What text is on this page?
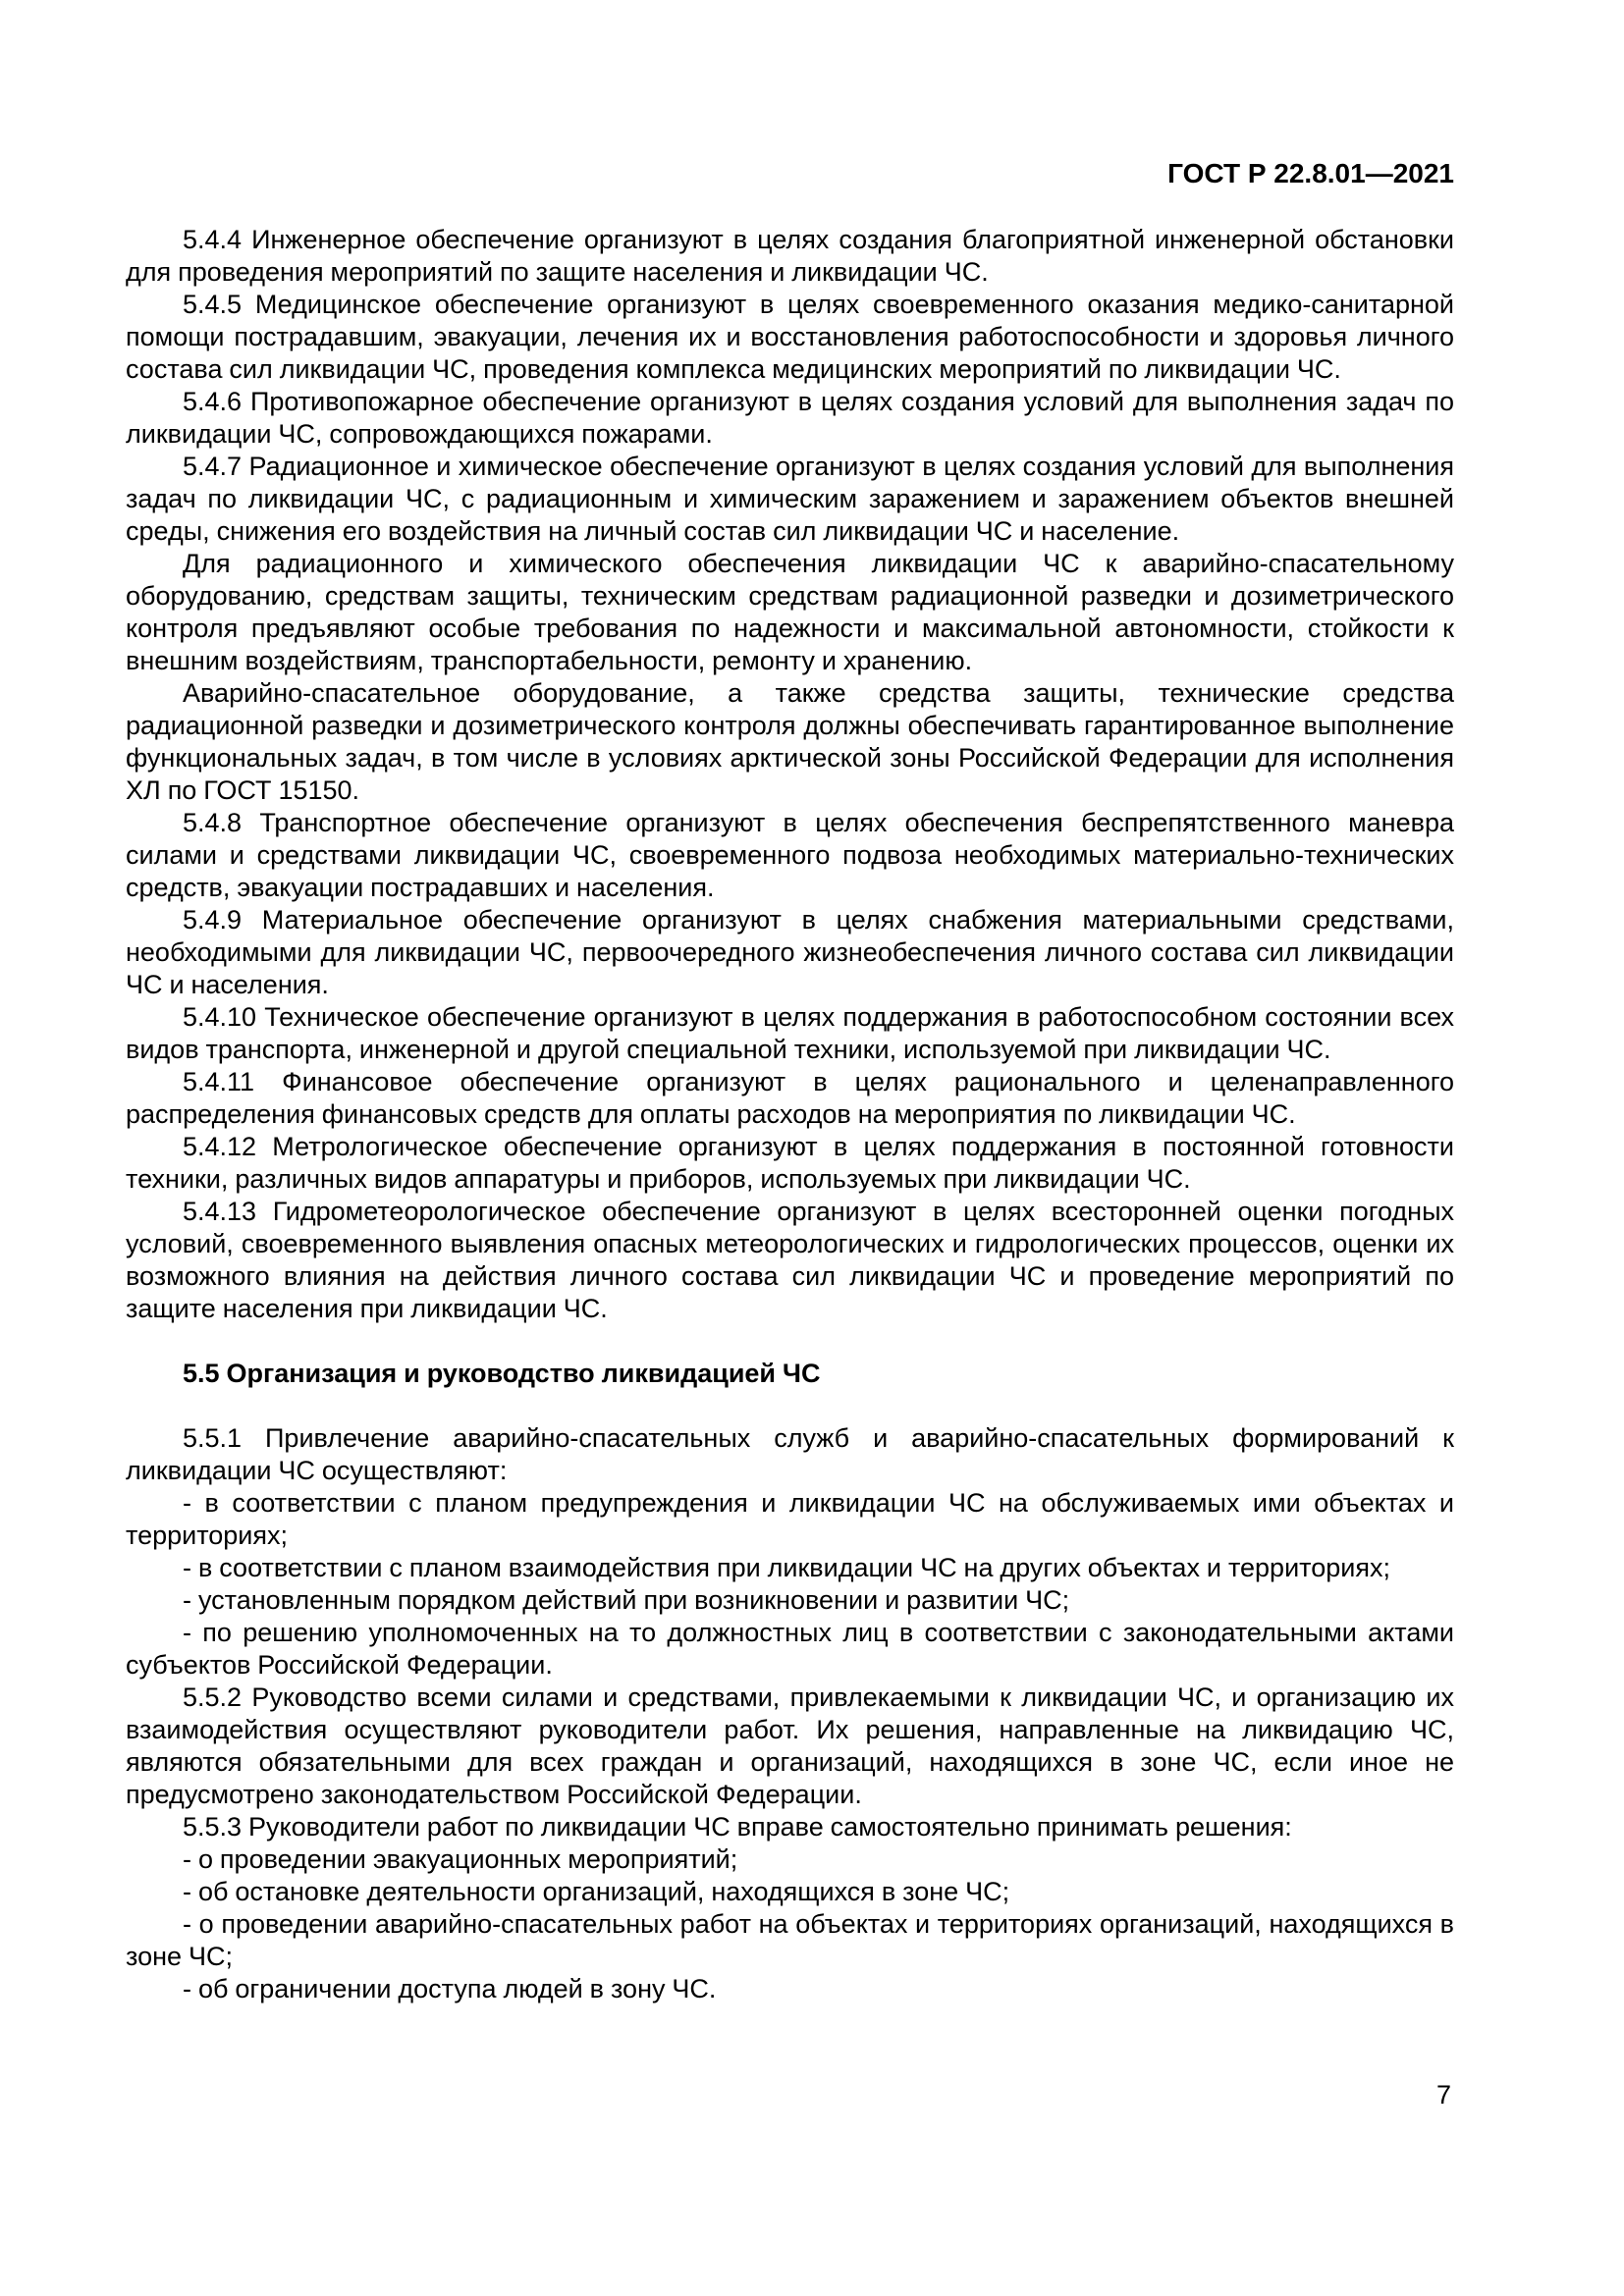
ГОСТ Р 22.8.01—2021

5.4.4 Инженерное обеспечение организуют в целях создания благоприятной инженерной обстановки для проведения мероприятий по защите населения и ликвидации ЧС.

5.4.5 Медицинское обеспечение организуют в целях своевременного оказания медико-санитарной помощи пострадавшим, эвакуации, лечения их и восстановления работоспособности и здоровья личного состава сил ликвидации ЧС, проведения комплекса медицинских мероприятий по ликвидации ЧС.

5.4.6 Противопожарное обеспечение организуют в целях создания условий для выполнения задач по ликвидации ЧС, сопровождающихся пожарами.

5.4.7 Радиационное и химическое обеспечение организуют в целях создания условий для выполнения задач по ликвидации ЧС, с радиационным и химическим заражением и заражением объектов внешней среды, снижения его воздействия на личный состав сил ликвидации ЧС и население.

Для радиационного и химического обеспечения ликвидации ЧС к аварийно-спасательному оборудованию, средствам защиты, техническим средствам радиационной разведки и дозиметрического контроля предъявляют особые требования по надежности и максимальной автономности, стойкости к внешним воздействиям, транспортабельности, ремонту и хранению.

Аварийно-спасательное оборудование, а также средства защиты, технические средства радиационной разведки и дозиметрического контроля должны обеспечивать гарантированное выполнение функциональных задач, в том числе в условиях арктической зоны Российской Федерации для исполнения ХЛ по ГОСТ 15150.

5.4.8 Транспортное обеспечение организуют в целях обеспечения беспрепятственного маневра силами и средствами ликвидации ЧС, своевременного подвоза необходимых материально-технических средств, эвакуации пострадавших и населения.

5.4.9 Материальное обеспечение организуют в целях снабжения материальными средствами, необходимыми для ликвидации ЧС, первоочередного жизнеобеспечения личного состава сил ликвидации ЧС и населения.

5.4.10 Техническое обеспечение организуют в целях поддержания в работоспособном состоянии всех видов транспорта, инженерной и другой специальной техники, используемой при ликвидации ЧС.

5.4.11 Финансовое обеспечение организуют в целях рационального и целенаправленного распределения финансовых средств для оплаты расходов на мероприятия по ликвидации ЧС.

5.4.12 Метрологическое обеспечение организуют в целях поддержания в постоянной готовности техники, различных видов аппаратуры и приборов, используемых при ликвидации ЧС.

5.4.13 Гидрометеорологическое обеспечение организуют в целях всесторонней оценки погодных условий, своевременного выявления опасных метеорологических и гидрологических процессов, оценки их возможного влияния на действия личного состава сил ликвидации ЧС и проведение мероприятий по защите населения при ликвидации ЧС.

5.5 Организация и руководство ликвидацией ЧС

5.5.1 Привлечение аварийно-спасательных служб и аварийно-спасательных формирований к ликвидации ЧС осуществляют:

- в соответствии с планом предупреждения и ликвидации ЧС на обслуживаемых ими объектах и территориях;

- в соответствии с планом взаимодействия при ликвидации ЧС на других объектах и территориях;

- установленным порядком действий при возникновении и развитии ЧС;

- по решению уполномоченных на то должностных лиц в соответствии с законодательными актами субъектов Российской Федерации.

5.5.2 Руководство всеми силами и средствами, привлекаемыми к ликвидации ЧС, и организацию их взаимодействия осуществляют руководители работ. Их решения, направленные на ликвидацию ЧС, являются обязательными для всех граждан и организаций, находящихся в зоне ЧС, если иное не предусмотрено законодательством Российской Федерации.

5.5.3 Руководители работ по ликвидации ЧС вправе самостоятельно принимать решения:

- о проведении эвакуационных мероприятий;

- об остановке деятельности организаций, находящихся в зоне ЧС;

- о проведении аварийно-спасательных работ на объектах и территориях организаций, находящихся в зоне ЧС;

- об ограничении доступа людей в зону ЧС.

7
